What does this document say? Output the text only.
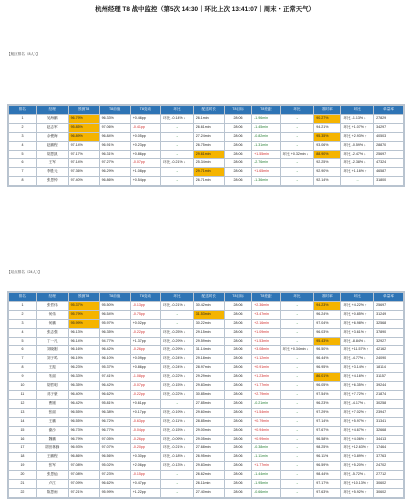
杭州经理 T8 战中监控（第5次 14:30｜环比上次 13:41:07｜周末・正常天气）
【航区排名（8人）】
排名	经理	预测T8	T8前值	T8变动	环比	配送时长	T8目标	T8差距	环比	准时率	环比	单量率
1	吴海鹏	96.79%	96.33%	+0.46pp	环比 -0.14% ↓	26.1min	28:06	-1.96min	→	90.27%	环比 -1.13% ↓	27829
2	赵志军	95.85%	97.06%	-0.41pp	→	26.61min	28:06	-1.45min	→	94.21%	环比 +1.07% ↑	34297
3	余俊海	96.89%	96.84%	+0.05pp	→	27.24min	28:06	-0.82min	→	95.35%	环比 +2.93% ↑	40503
4	赵鹏程	97.14%	96.91%	+0.23pp	→	26.75min	28:06	-1.31min	→	93.06%	环比 -0.59% ↓	28870
5	胡思凯	97.17%	96.31%	+0.86pp	→	29.61min	28:06	+1.55min	环比 +0.32min ↓	88.90%	环比 -2.47% ↓	25697
6	王军	97.14%	97.27%	-0.07pp	环比 -0.21% ↓	25.34min	28:06	-2.76min	→	92.25%	环比 -2.38% ↓	47324
7	李胜元	97.36%	96.29%	+1.08pp	→	29.71min	28:06	+1.65min	→	92.90%	环比 +1.16% ↑	46587
8	张思钟	97.40%	96.86%	+0.54pp	→	26.71min	28:06	-1.36min	→	92.14%	→	31800
【站点排名（24人）】
排名	经理	预测T8	T8前值	T8变动	环比	配送时长	T8目标	T8差距	环比	准时率	环比	单量率
1	张哲伟	95.37%	95.50%	-0.13pp	环比 -0.21% ↓	30.42min	28:06	+2.36min	→	94.23%	环比 +4.22% ↑	25697
2	何伟	95.79%	96.54%	-0.75pp	→	31.53min	28:06	+3.47min	→	96.24%	环比 +0.85% ↑	31249
3	何鹏	95.99%	95.97%	+0.02pp	→	30.22min	28:06	+2.16min	→	97.04%	环比 +6.98% ↑	32568
4	张志强	96.13%	96.35%	-0.22pp	环比 -0.25% ↓	29.15min	28:06	+1.09min	→	96.03%	环比 +3.61% ↑	37890
5	丁一凡	96.14%	94.77%	+1.37pp	环比 -0.29% ↓	29.59min	28:06	+1.53min	→	95.43%	环比 -8.84% ↓	32927
6	刘晓刚	96.16%	96.42%	-0.26pp	环比 -0.29% ↓	31.14min	28:06	+3.08min	环比 +0.34min ↓	96.50%	环比 +11.57% ↑	42162
7	刘子鸣	96.19%	96.10%	+0.09pp	环比 -0.24% ↓	29.18min	28:06	+1.12min	→	96.44%	环比 -4.77% ↓	24090
8	王振	96.23%	95.37%	+0.86pp	环比 -0.24% ↓	28.97min	28:06	+0.91min	→	96.95%	环比 +3.14% ↑	18114
9	朱丽	96.33%	97.41%	-1.08pp	环比 -0.22% ↓	29.29min	28:06	+1.23min	→	86.01%	环比 +4.16% ↑	31157
10	胡哲明	96.35%	96.42%	-0.07pp	环比 -0.15% ↓	29.83min	28:06	+1.77min	→	96.05%	环比 +6.35% ↑	39244
11	邓子豪	96.40%	96.62%	-0.22pp	环比 -0.22% ↓	30.85min	28:06	+2.79min	→	97.54%	环比 +7.72% ↑	21874
12	曹刚	96.42%	95.81%	+0.61pp	→	27.85min	28:06	-0.21min	→	96.23%	环比 -4.17% ↓	30258
13	张丽	96.55%	96.38%	+0.17pp	环比 -0.19% ↓	29.60min	28:06	+1.54min	→	97.29%	环比 +7.02% ↑	23947
14	王鹏	96.55%	96.72%	-0.63pp	环比 -0.11% ↓	28.85min	28:06	+0.79min	→	97.14%	环比 +5.97% ↑	31341
15	谢沙	96.73%	96.77%	-0.04pp	环比 -0.15% ↓	29.00min	28:06	+0.94min	→	97.67%	环比 +4.67% ↑	32668
16	魏鹏	96.79%	97.05%	-0.26pp	环比 -0.09% ↓	29.05min	28:06	+0.99min	→	96.58%	环比 +4.06% ↑	34413
17	胡田林蜂	96.93%	97.07%	-0.20pp	环比 -0.21% ↓	27.68min	28:06	-0.38min	→	98.25%	环比 +12.63% ↑	17464
18	王鹏程	96.86%	96.56%	+0.30pp	环比 -0.18% ↓	26.95min	28:06	-1.11min	→	96.11%	环比 +3.89% ↑	37763
19	张军	97.08%	95.02%	+2.06pp	环比 -0.13% ↓	29.83min	28:06	+1.77min	→	96.59%	环比 +5.20% ↑	24702
20	张思灿	97.08%	97.23%	-0.15pp	→	26.62min	28:06	-1.44min	→	98.44%	环比 -5.72% ↓	27712
21	卢江	97.09%	96.62%	+0.47pp	→	26.11min	28:06	-1.95min	→	97.17%	环比 +10.13% ↑	30602
22	陈思雨	97.21%	95.99%	+1.22pp	→	27.40min	28:06	-0.66min	→	97.63%	环比 +5.92% ↑	30602
